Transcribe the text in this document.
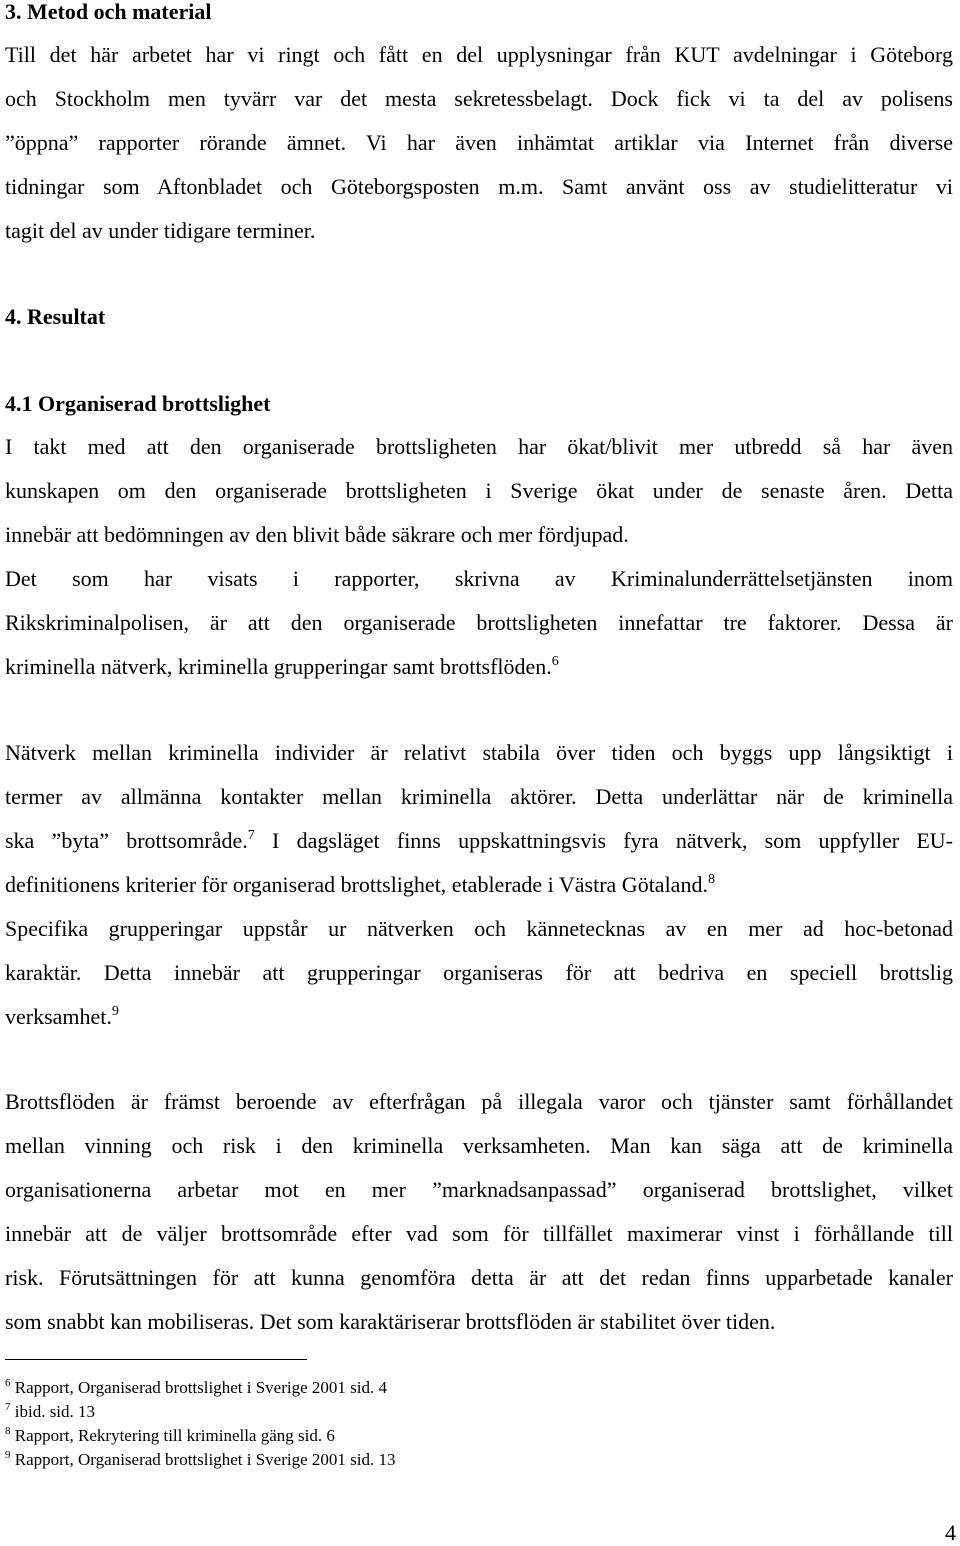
3. Metod och material
Till det här arbetet har vi ringt och fått en del upplysningar från KUT avdelningar i Göteborg
och Stockholm men tyvärr var det mesta sekretessbelagt. Dock fick vi ta del av polisens
”öppna” rapporter rörande ämnet. Vi har även inhämtat artiklar via Internet från diverse
tidningar som Aftonbladet och Göteborgsposten m.m. Samt använt oss av studielitteratur vi
tagit del av under tidigare terminer.
4. Resultat
4.1 Organiserad brottslighet
I takt med att den organiserade brottsligheten har ökat/blivit mer utbredd så har även
kunskapen om den organiserade brottsligheten i Sverige ökat under de senaste åren. Detta
innebär att bedömningen av den blivit både säkrare och mer fördjupad.
Det som har visats i rapporter, skrivna av Kriminalunderrättelsetjänsten inom
Rikskriminalpolisen, är att den organiserade brottsligheten innefattar tre faktorer. Dessa är
kriminella nätverk, kriminella grupperingar samt brottsflöden.$^6$
Nätverk mellan kriminella individer är relativt stabila över tiden och byggs upp långsiktigt i
termer av allmänna kontakter mellan kriminella aktörer. Detta underlättar när de kriminella
ska ”byta” brottsområde.$^7$ I dagsläget finns uppskattningsvis fyra nätverk, som uppfyller EU-
definitionens kriterier för organiserad brottslighet, etablerade i Västra Götaland.$^8$
Specifika grupperingar uppstår ur nätverken och kännetecknas av en mer ad hoc-betonad
karaktär. Detta innebär att grupperingar organiseras för att bedriva en speciell brottslig
verksamhet.$^9$
Brottsflöden är främst beroende av efterfrågan på illegala varor och tjänster samt förhållandet
mellan vinning och risk i den kriminella verksamheten. Man kan säga att de kriminella
organisationerna arbetar mot en mer ”marknadsanpassad” organiserad brottslighet, vilket
innebär att de väljer brottsområde efter vad som för tillfället maximerar vinst i förhållande till
risk. Förutsättningen för att kunna genomföra detta är att det redan finns upparbetade kanaler
som snabbt kan mobiliseras. Det som karaktäriserar brottsflöden är stabilitet över tiden.
$^6$ Rapport, Organiserad brottslighet i Sverige 2001 sid. 4
$^7$ ibid. sid. 13
$^8$ Rapport, Rekrytering till kriminella gäng sid. 6
$^9$ Rapport, Organiserad brottslighet i Sverige 2001 sid. 13
4
